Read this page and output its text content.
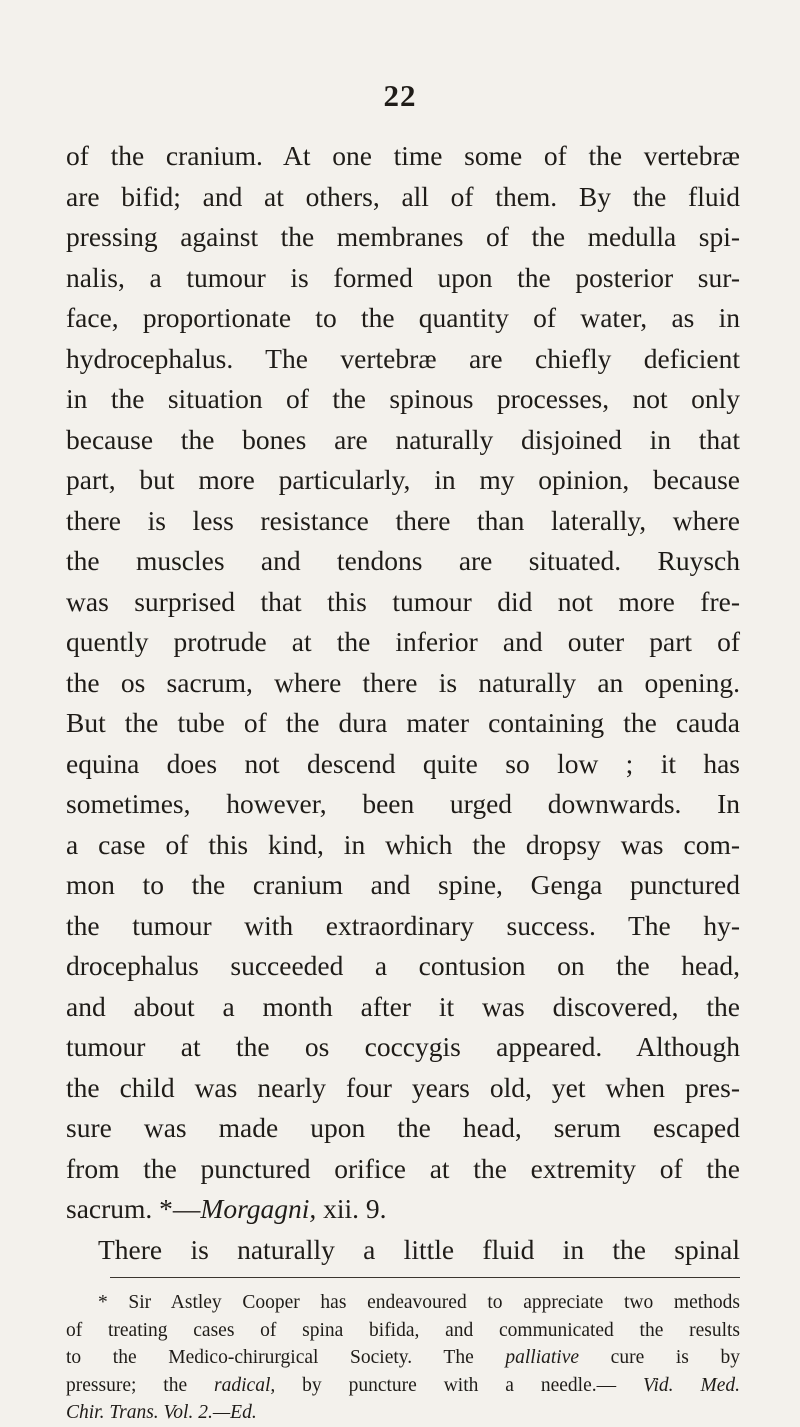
22
of the cranium. At one time some of the vertebræ
are bifid; and at others, all of them. By the fluid
pressing against the membranes of the medulla spi-
nalis, a tumour is formed upon the posterior sur-
face, proportionate to the quantity of water, as in
hydrocephalus. The vertebræ are chiefly deficient
in the situation of the spinous processes, not only
because the bones are naturally disjoined in that
part, but more particularly, in my opinion, because
there is less resistance there than laterally, where
the muscles and tendons are situated. Ruysch
was surprised that this tumour did not more fre-
quently protrude at the inferior and outer part of
the os sacrum, where there is naturally an opening.
But the tube of the dura mater containing the cauda
equina does not descend quite so low ; it has
sometimes, however, been urged downwards. In
a case of this kind, in which the dropsy was com-
mon to the cranium and spine, Genga punctured
the tumour with extraordinary success. The hy-
drocephalus succeeded a contusion on the head,
and about a month after it was discovered, the
tumour at the os coccygis appeared. Although
the child was nearly four years old, yet when pres-
sure was made upon the head, serum escaped
from the punctured orifice at the extremity of the
sacrum. *—Morgagni, xii. 9.
There is naturally a little fluid in the spinal
* Sir Astley Cooper has endeavoured to appreciate two methods
of treating cases of spina bifida, and communicated the results
to the Medico-chirurgical Society. The palliative cure is by
pressure; the radical, by puncture with a needle.— Vid. Med.
Chir. Trans. Vol. 2.—Ed.
